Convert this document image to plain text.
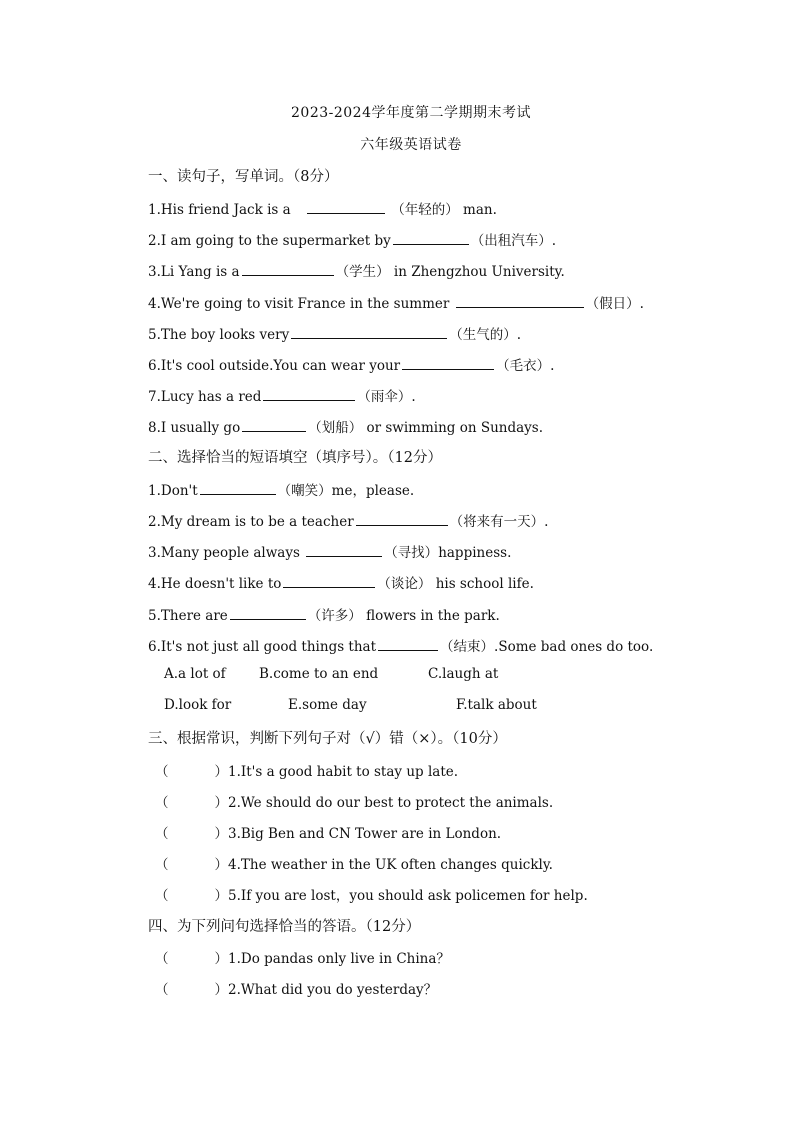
2023-2024学年度第二学期期末考试
六年级英语试卷
一、读句子，写单词。（8分）
1.His friend Jack is a	（年轻的） man.
2.I am going to the supermarket by	（出租汽车）.
3.Li Yang is a	（学生） in Zhengzhou University.
4.We're going to visit France in the summer	（假日）.
5.The boy looks very	（生气的）.
6.It's cool outside.You can wear your	（毛衣）.
7.Lucy has a red	（雨伞）.
8.I usually go	（划船） or swimming on Sundays.
二、选择恰当的短语填空（填序号）。（12分）
1.Don't	（嘲笑）me，please.
2.My dream is to be a teacher	（将来有一天）.
3.Many people always	（寻找）happiness.
4.He doesn't like to	（谈论） his school life.
5.There are	（许多） flowers in the park.
6.It's not just all good things that	（结束）.Some bad ones do too.
A.a lot of B.come to an end	C.laugh at
D.look for	E.some day	F.talk about
三、根据常识，判断下列句子对（√）错（×）。（10分）
（	）1.It's a good habit to stay up late.
（	）2.We should do our best to protect the animals.
（	）3.Big Ben and CN Tower are in London.
（	）4.The weather in the UK often changes quickly.
（	）5.If you are lost，you should ask policemen for help.
四、为下列问句选择恰当的答语。（12分）
（	）1.Do pandas only live in China？
（	）2.What did you do yesterday？
